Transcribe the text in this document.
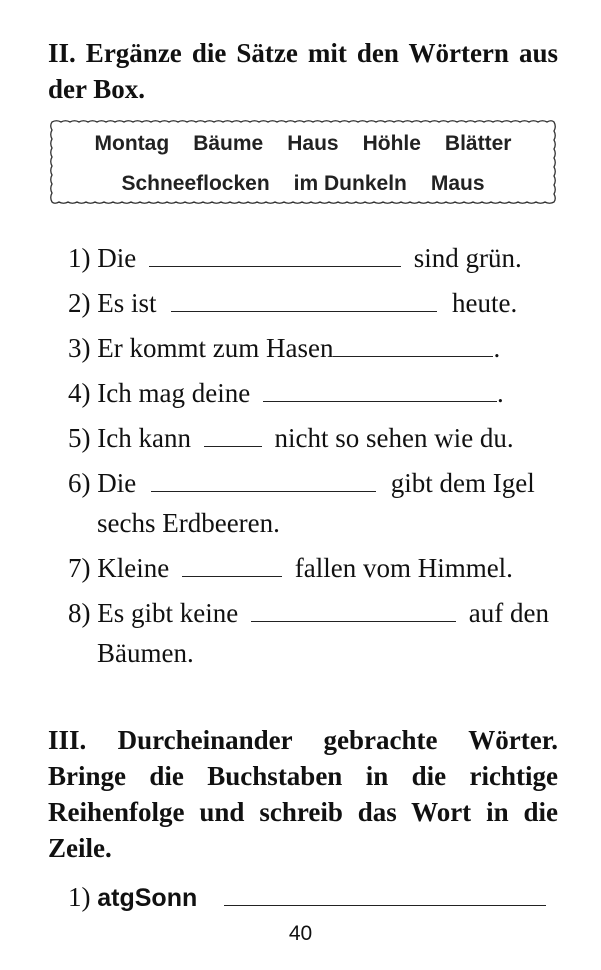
II. Ergänze die Sätze mit den Wörtern aus der Box.
Montag Bäume Haus Höhle Blätter
Schneeflocken im Dunkeln Maus
1) Die	sind grün.
2) Es ist	heute.
3) Er kommt zum Hasen	.
4) Ich mag deine	.
5) Ich kann	nicht so sehen wie du.
6) Die	gibt dem Igel
sechs Erdbeeren.
7) Kleine	fallen vom Himmel.
8) Es gibt keine	auf den
Bäumen.
III. Durcheinander gebrachte Wörter. Bringe die Buchstaben in die richtige Reihenfolge und schreib das Wort in die Zeile.
1) atgSonn
40
